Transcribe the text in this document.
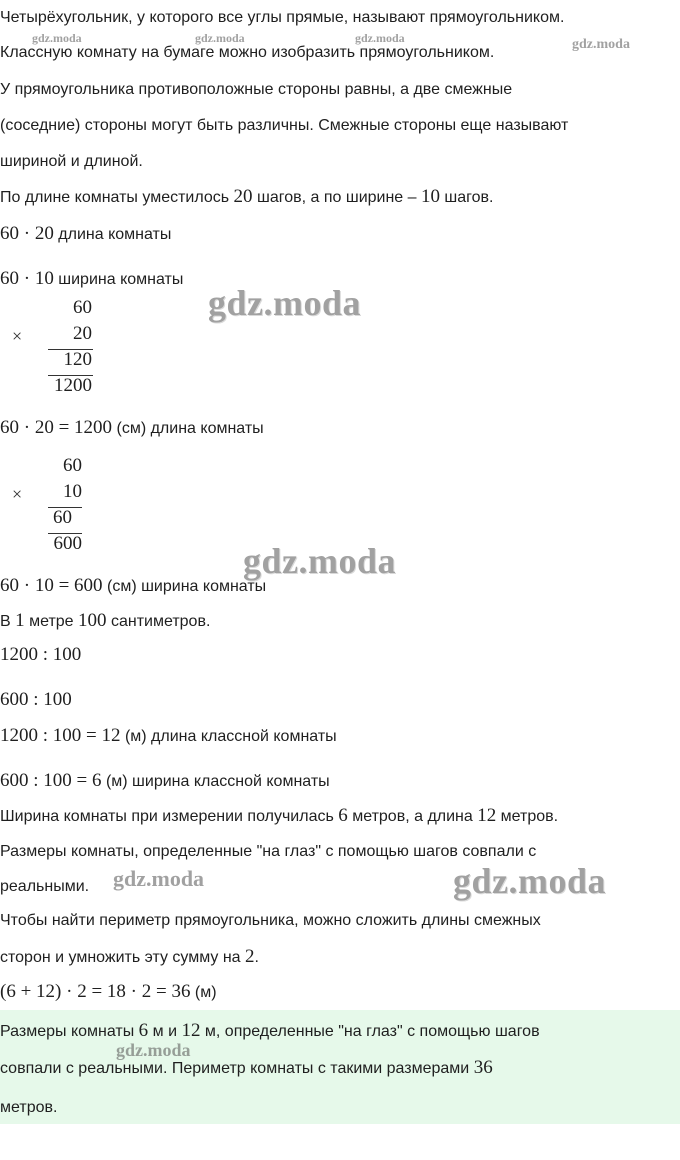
Четырёхугольник, у которого все углы прямые, называют прямоугольником.

Классную комнату на бумаге можно изобразить прямоугольником.

У прямоугольника противоположные стороны равны, а две смежные

(соседние) стороны могут быть различны. Смежные стороны еще называют

шириной и длиной.

По длине комнаты уместилось 20 шагов, а по ширине – 10 шагов.

60 · 20 длина комнаты

60 · 10 ширина комнаты

×
60
20
120
1200

60 · 20 = 1200 (см) длина комнаты

×
60
10
60
600

60 · 10 = 600 (см) ширина комнаты

В 1 метре 100 сантиметров.

1200 : 100

600 : 100

1200 : 100 = 12 (м) длина классной комнаты

600 : 100 = 6 (м) ширина классной комнаты

Ширина комнаты при измерении получилась 6 метров, а длина 12 метров.

Размеры комнаты, определенные "на глаз" с помощью шагов совпали с

реальными.

Чтобы найти периметр прямоугольника, можно сложить длины смежных

сторон и умножить эту сумму на 2.

(6 + 12) · 2 = 18 · 2 = 36 (м)

Размеры комнаты 6 м и 12 м, определенные "на глаз" с помощью шагов

совпали с реальными. Периметр комнаты с такими размерами 36

метров.

gdz.moda	gdz.moda	gdz.moda	gdz.moda
gdz.moda
gdz.moda
gdz.moda	gdz.moda
gdz.moda
